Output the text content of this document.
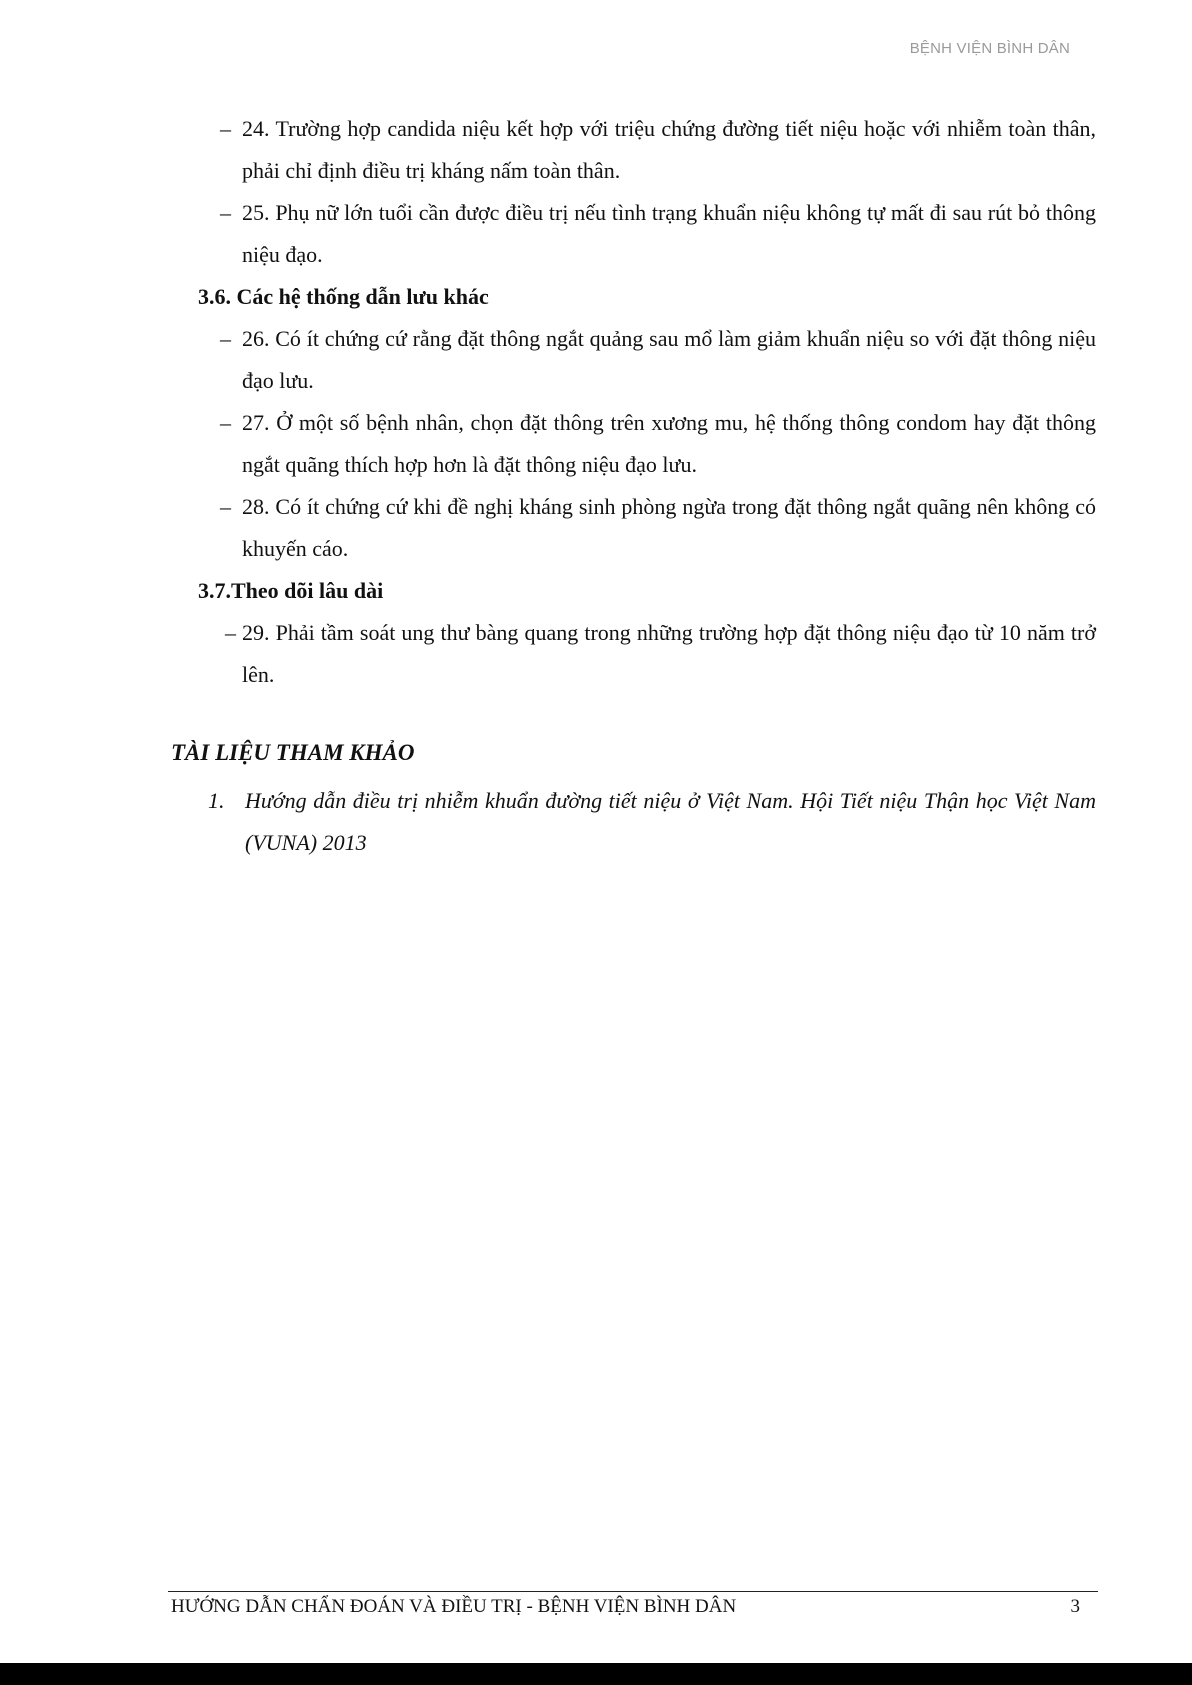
BỆNH VIỆN BÌNH DÂN

– 24. Trường hợp candida niệu kết hợp với triệu chứng đường tiết niệu hoặc với nhiễm toàn thân, phải chỉ định điều trị kháng nấm toàn thân.

– 25. Phụ nữ lớn tuổi cần được điều trị nếu tình trạng khuẩn niệu không tự mất đi sau rút bỏ thông niệu đạo.

3.6. Các hệ thống dẫn lưu khác

– 26. Có ít chứng cứ rằng đặt thông ngắt quảng sau mổ làm giảm khuẩn niệu so với đặt thông niệu đạo lưu.

– 27. Ở một số bệnh nhân, chọn đặt thông trên xương mu, hệ thống thông condom hay đặt thông ngắt quãng thích hợp hơn là đặt thông niệu đạo lưu.

– 28. Có ít chứng cứ khi đề nghị kháng sinh phòng ngừa trong đặt thông ngắt quãng nên không có khuyến cáo.

3.7.Theo dõi lâu dài

– 29. Phải tầm soát ung thư bàng quang trong những trường hợp đặt thông niệu đạo từ 10 năm trở lên.

TÀI LIỆU THAM KHẢO

1. Hướng dẫn điều trị nhiễm khuẩn đường tiết niệu ở Việt Nam. Hội Tiết niệu Thận học Việt Nam (VUNA) 2013

HƯỚNG DẪN CHẨN ĐOÁN VÀ ĐIỀU TRỊ - BỆNH VIỆN BÌNH DÂN	3
